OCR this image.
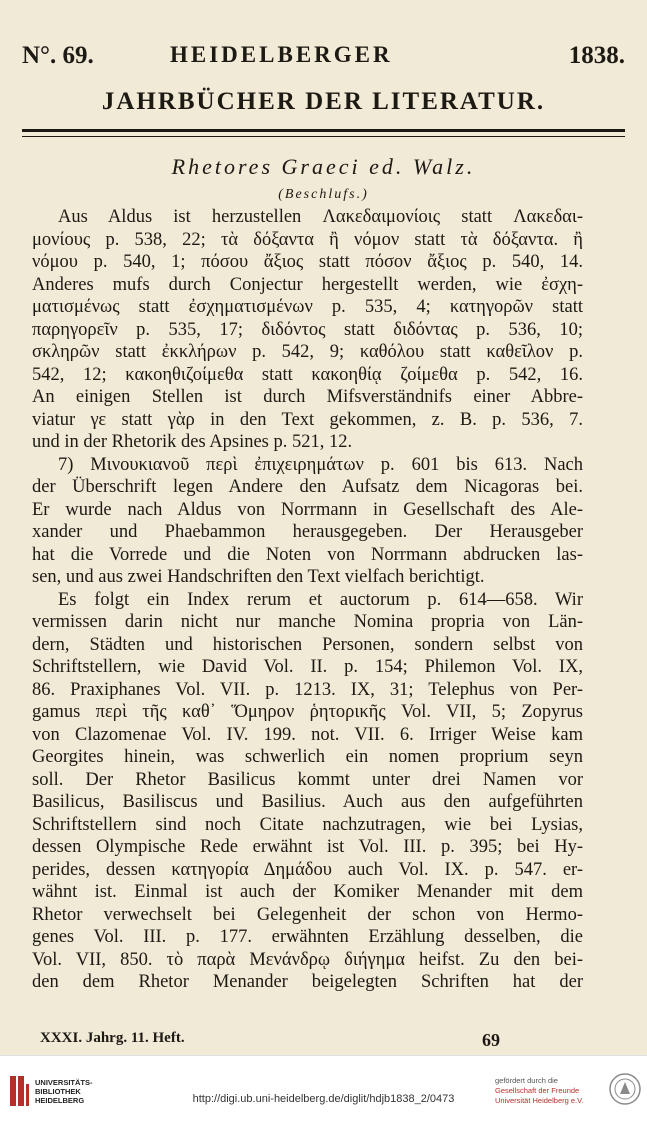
N°. 69.	HEIDELBERGER	1838.
JAHRBÜCHER DER LITERATUR.
Rhetores Graeci ed. Walz.
(Beschlufs.)
Aus Aldus ist herzustellen Λακεδαιμονίοις statt Λακεδαι-
μονίους p. 538, 22; τὰ δόξαντα ἢ νόμον statt τὰ δόξαντα. ἢ
νόμου p. 540, 1; πόσου ἄξιος statt πόσον ἄξιος p. 540, 14.
Anderes mufs durch Conjectur hergestellt werden, wie ἐσχη-
ματισμένως statt ἐσχηματισμένων p. 535, 4; κατηγορῶν statt
παρηγορεῖν p. 535, 17; διδόντος statt διδόντας p. 536, 10;
σκληρῶν statt ἐκκλήρων p. 542, 9; καθόλου statt καθεῖλον p.
542, 12; κακοηθιζοίμεθα statt κακοηθίᾳ ζοίμεθα p. 542, 16.
An einigen Stellen ist durch Mifsverständnifs einer Abbre-
viatur γε statt γὰρ in den Text gekommen, z. B. p. 536, 7.
und in der Rhetorik des Apsines p. 521, 12.
7) Μινουκιανοῦ περὶ ἐπιχειρημάτων p. 601 bis 613. Nach
der Überschrift legen Andere den Aufsatz dem Nicagoras bei.
Er wurde nach Aldus von Norrmann in Gesellschaft des Ale-
xander und Phaebammon herausgegeben. Der Herausgeber
hat die Vorrede und die Noten von Norrmann abdrucken las-
sen, und aus zwei Handschriften den Text vielfach berichtigt.
Es folgt ein Index rerum et auctorum p. 614—658. Wir
vermissen darin nicht nur manche Nomina propria von Län-
dern, Städten und historischen Personen, sondern selbst von
Schriftstellern, wie David Vol. II. p. 154; Philemon Vol. IX,
86. Praxiphanes Vol. VII. p. 1213. IX, 31; Telephus von Per-
gamus περὶ τῆς καθ᾽ Ὅμηρον ῥητορικῆς Vol. VII, 5; Zopyrus
von Clazomenae Vol. IV. 199. not. VII. 6. Irriger Weise kam
Georgites hinein, was schwerlich ein nomen proprium seyn
soll. Der Rhetor Basilicus kommt unter drei Namen vor
Basilicus, Basiliscus und Basilius. Auch aus den aufgeführten
Schriftstellern sind noch Citate nachzutragen, wie bei Lysias,
dessen Olympische Rede erwähnt ist Vol. III. p. 395; bei Hy-
perides, dessen κατηγορία Δημάδου auch Vol. IX. p. 547. er-
wähnt ist. Einmal ist auch der Komiker Menander mit dem
Rhetor verwechselt bei Gelegenheit der schon von Hermo-
genes Vol. III. p. 177. erwähnten Erzählung desselben, die
Vol. VII, 850. τὸ παρὰ Μενάνδρῳ διήγημα heifst. Zu den bei-
den dem Rhetor Menander beigelegten Schriften hat der
XXXI. Jahrg. 11. Heft.	69
UNIVERSITÄTS-
BIBLIOTHEK
HEIDELBERG	http://digi.ub.uni-heidelberg.de/diglit/hdjb1838_2/0473
gefördert durch die
Gesellschaft der Freunde
Universität Heidelberg e.V.
